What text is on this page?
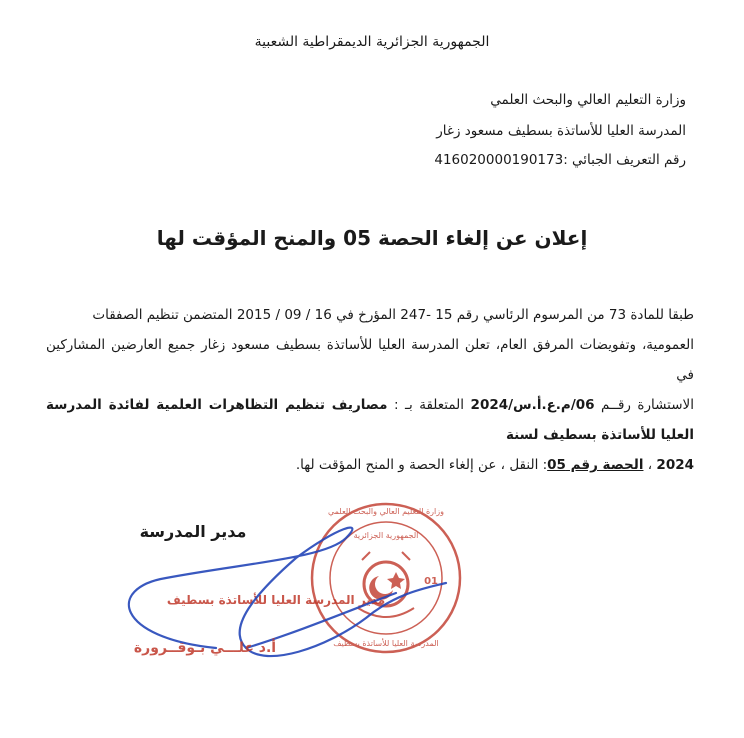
الجمهورية الجزائرية الديمقراطية الشعبية
وزارة التعليم العالي والبحث العلمي
المدرسة العليا للأساتذة بسطيف مسعود زغار
رقم التعريف الجبائي :416020000190173
إعلان عن إلغاء الحصة 05 والمنح المؤقت لها

طبقا للمادة 73 من المرسوم الرئاسي رقم 15 -247 المؤرخ في 16 / 09 / 2015 المتضمن تنظيم الصفقات

العمومية، وتفويضات المرفق العام، تعلن المدرسة العليا للأساتذة بسطيف مسعود زغار جميع العارضين المشاركين في

الاستشارة رقــم 06/م.ع.أ.س/2024 المتعلقة بـ : مصاريف تنظيم التظاهرات العلمية لفائدة المدرسة العليا للأساتذة بسطيف لسنة

2024 ، الحصة رقم 05: النقل ، عن إلغاء الحصة و المنح المؤقت لها.

01
الجمهورية الجزائرية
المدرسة العليا للأساتذة بسطيف
وزارة التعليم العالي والبحث العلمي
مدير المدرسة العليا للأساتذة بسطيف
مدير المدرسة
أ.د علـــي بـوقــرورة
